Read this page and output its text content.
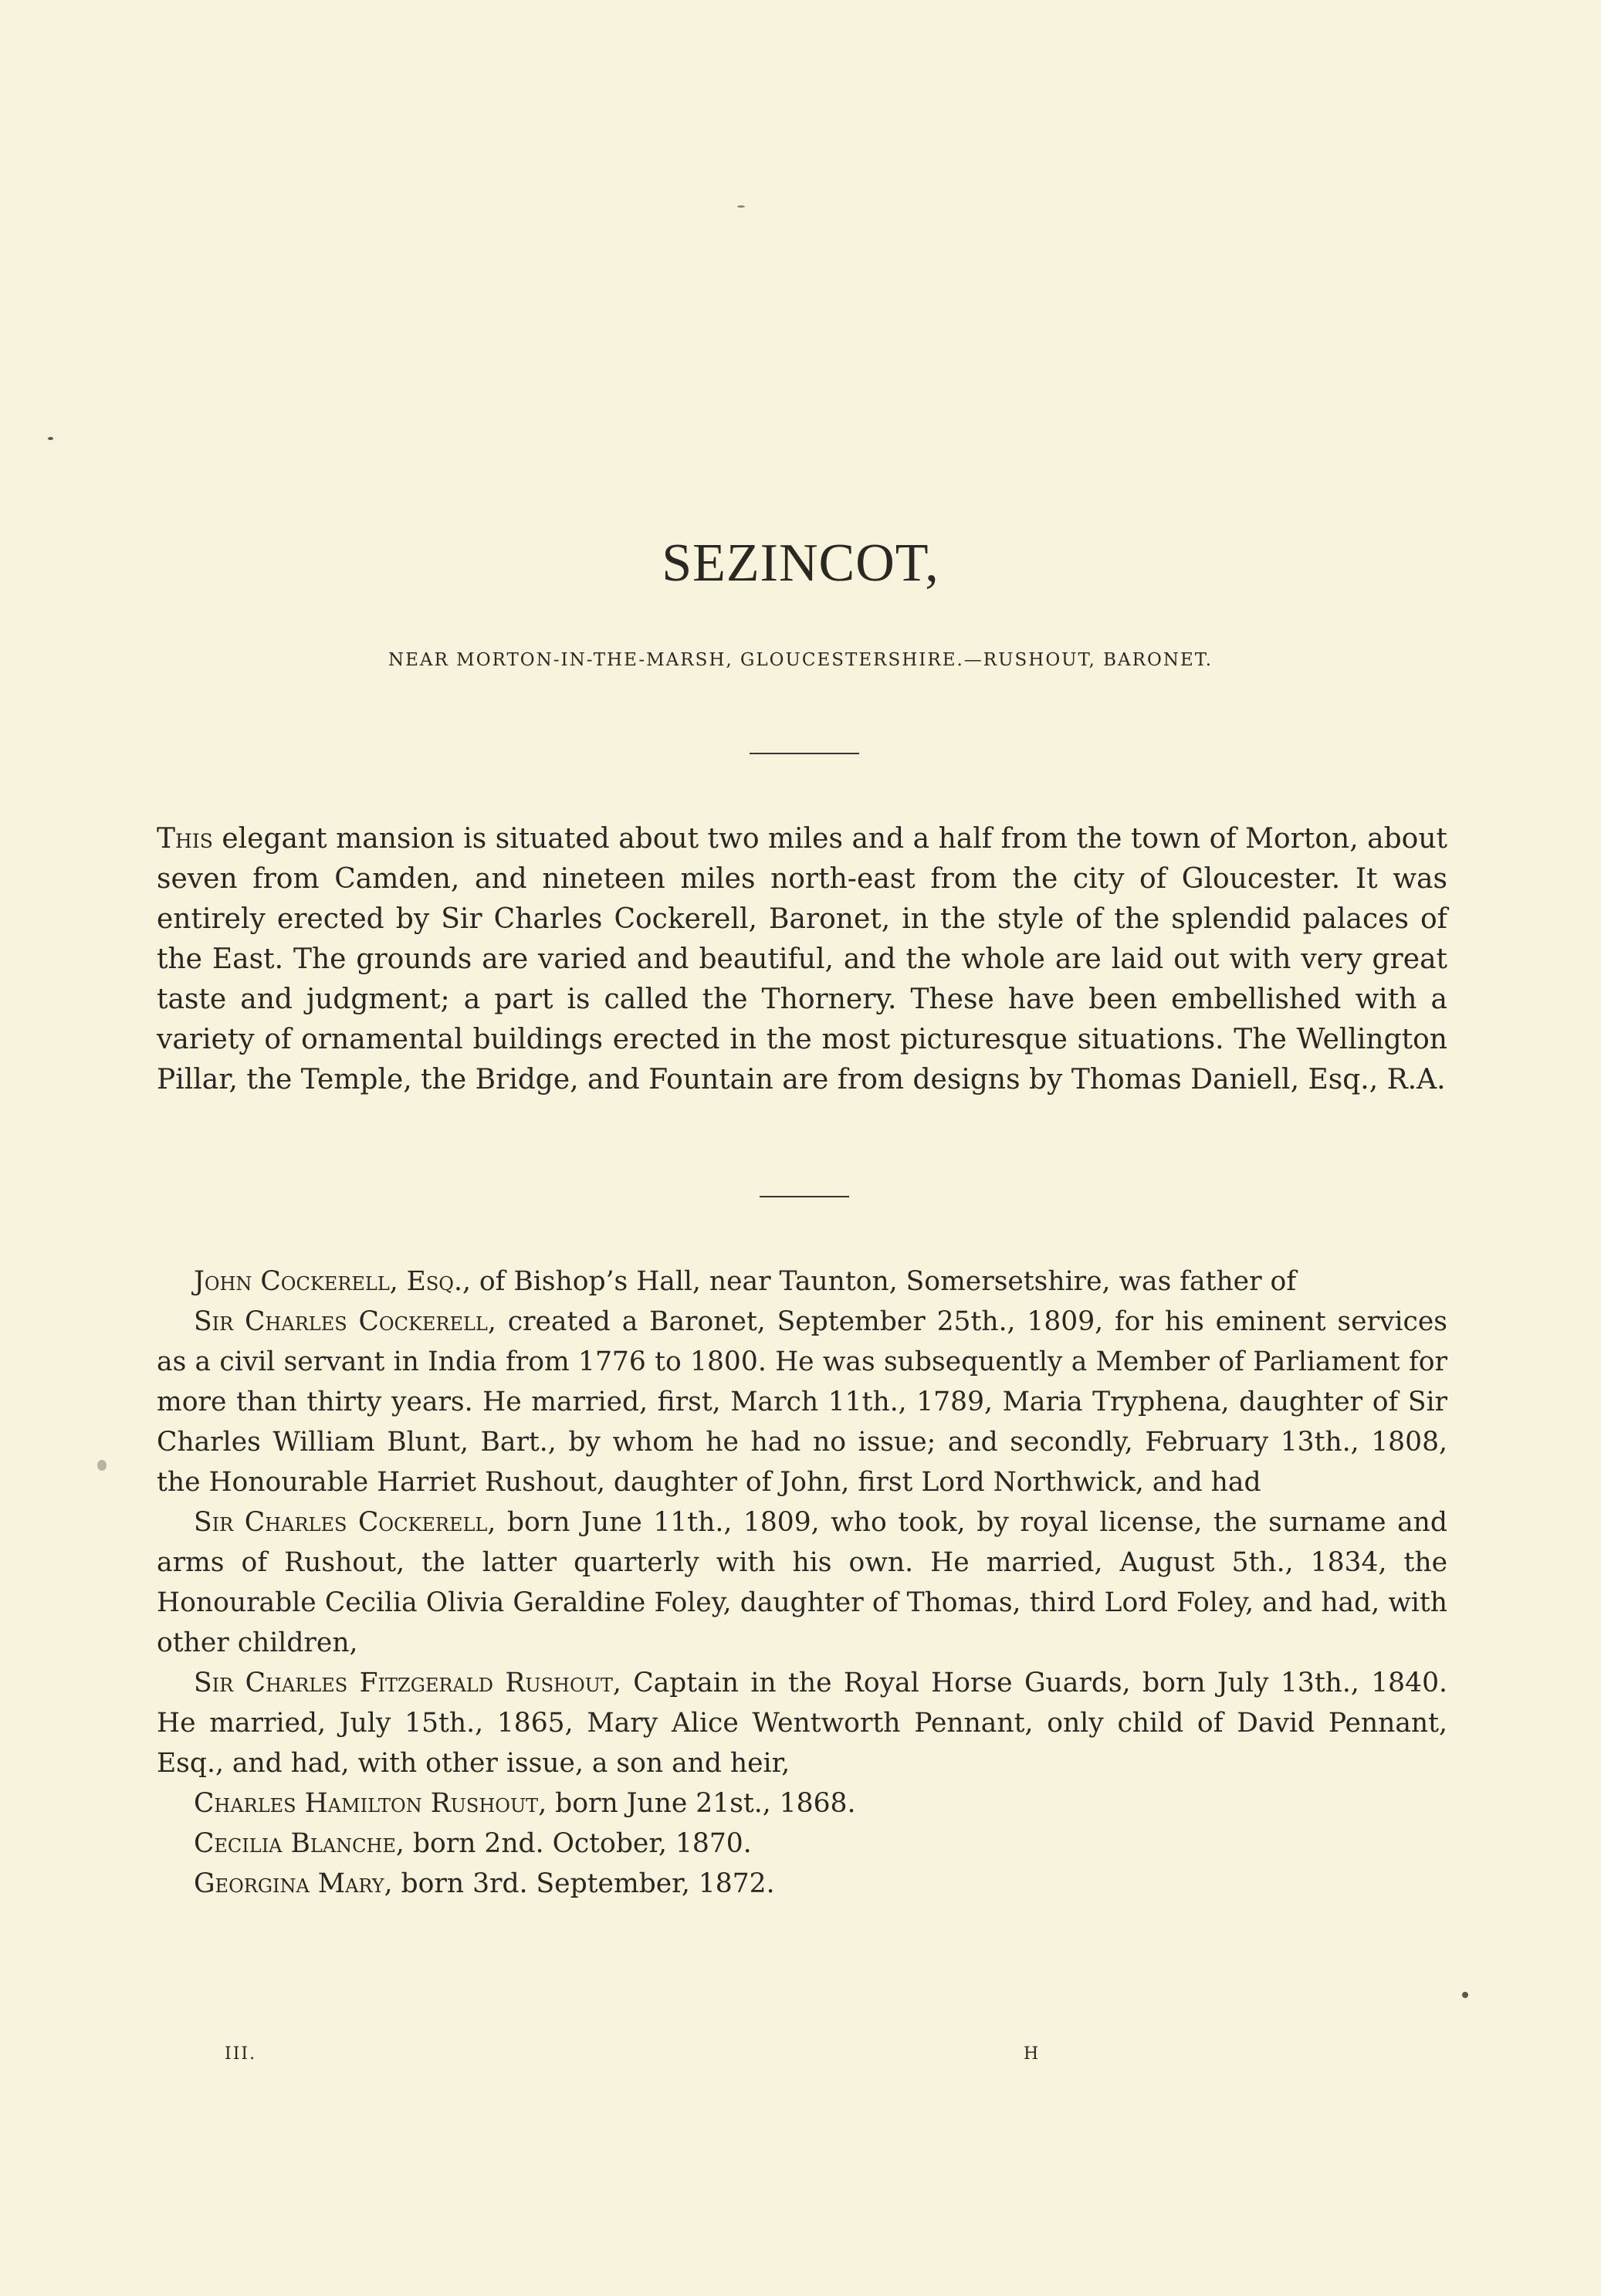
SEZINCOT,
NEAR MORTON-IN-THE-MARSH, GLOUCESTERSHIRE.—RUSHOUT, BARONET.

This elegant mansion is situated about two miles and a half from the town of Morton, about seven from Camden, and nineteen miles north-east from the city of Gloucester. It was entirely erected by Sir Charles Cockerell, Baronet, in the style of the splendid palaces of the East. The grounds are varied and beautiful, and the whole are laid out with very great taste and judgment; a part is called the Thornery. These have been embellished with a variety of ornamental buildings erected in the most picturesque situations. The Wellington Pillar, the Temple, the Bridge, and Fountain are from designs by Thomas Daniell, Esq., R.A.

John Cockerell, Esq., of Bishop’s Hall, near Taunton, Somersetshire, was father of

Sir Charles Cockerell, created a Baronet, September 25th., 1809, for his eminent services as a civil servant in India from 1776 to 1800. He was subsequently a Member of Parliament for more than thirty years. He married, first, March 11th., 1789, Maria Tryphena, daughter of Sir Charles William Blunt, Bart., by whom he had no issue; and secondly, February 13th., 1808, the Honourable Harriet Rushout, daughter of John, first Lord Northwick, and had

Sir Charles Cockerell, born June 11th., 1809, who took, by royal license, the surname and arms of Rushout, the latter quarterly with his own. He married, August 5th., 1834, the Honourable Cecilia Olivia Geraldine Foley, daughter of Thomas, third Lord Foley, and had, with other children,

Sir Charles Fitzgerald Rushout, Captain in the Royal Horse Guards, born July 13th., 1840. He married, July 15th., 1865, Mary Alice Wentworth Pennant, only child of David Pennant, Esq., and had, with other issue, a son and heir,

Charles Hamilton Rushout, born June 21st., 1868.

Cecilia Blanche, born 2nd. October, 1870.

Georgina Mary, born 3rd. September, 1872.

III.	H
